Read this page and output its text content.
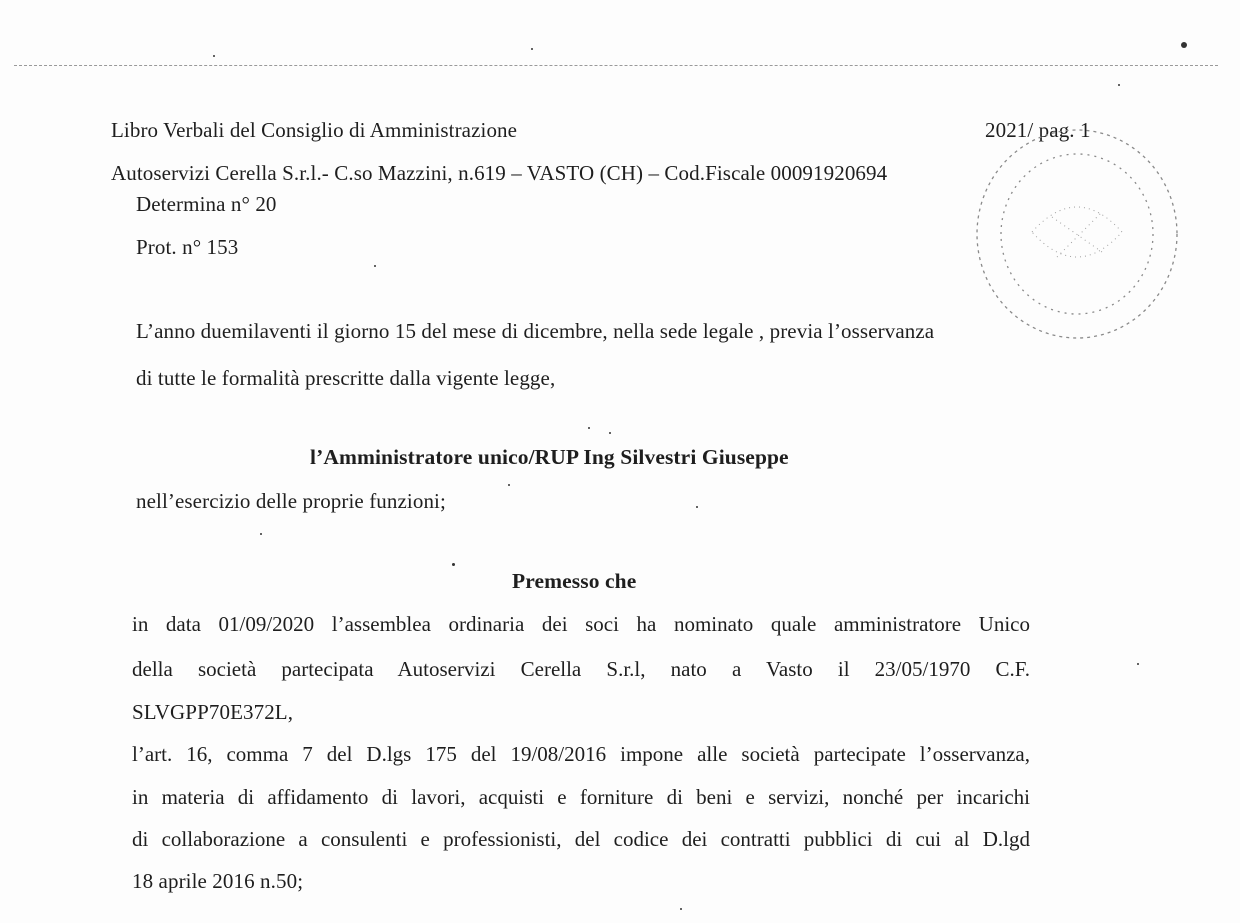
Libro Verbali del Consiglio di Amministrazione	2021/ pag. 1
Autoservizi Cerella S.r.l.- C.so Mazzini, n.619 – VASTO (CH) – Cod.Fiscale 00091920694
Determina n° 20
Prot. n° 153
L’anno duemilaventi il giorno 15 del mese di dicembre, nella sede legale , previa l’osservanza
di tutte le formalità prescritte dalla vigente legge,
l’Amministratore unico/RUP Ing Silvestri Giuseppe
nell’esercizio delle proprie funzioni;
Premesso che
in data 01/09/2020 l’assemblea ordinaria dei soci ha nominato quale amministratore Unico
della società partecipata Autoservizi Cerella S.r.l, nato a Vasto il 23/05/1970 C.F.
SLVGPP70E372L,
l’art. 16, comma 7 del D.lgs 175 del 19/08/2016 impone alle società partecipate l’osservanza,
in materia di affidamento di lavori, acquisti e forniture di beni e servizi, nonché per incarichi
di collaborazione a consulenti e professionisti, del codice dei contratti pubblici di cui al D.lgd
18 aprile 2016 n.50;
